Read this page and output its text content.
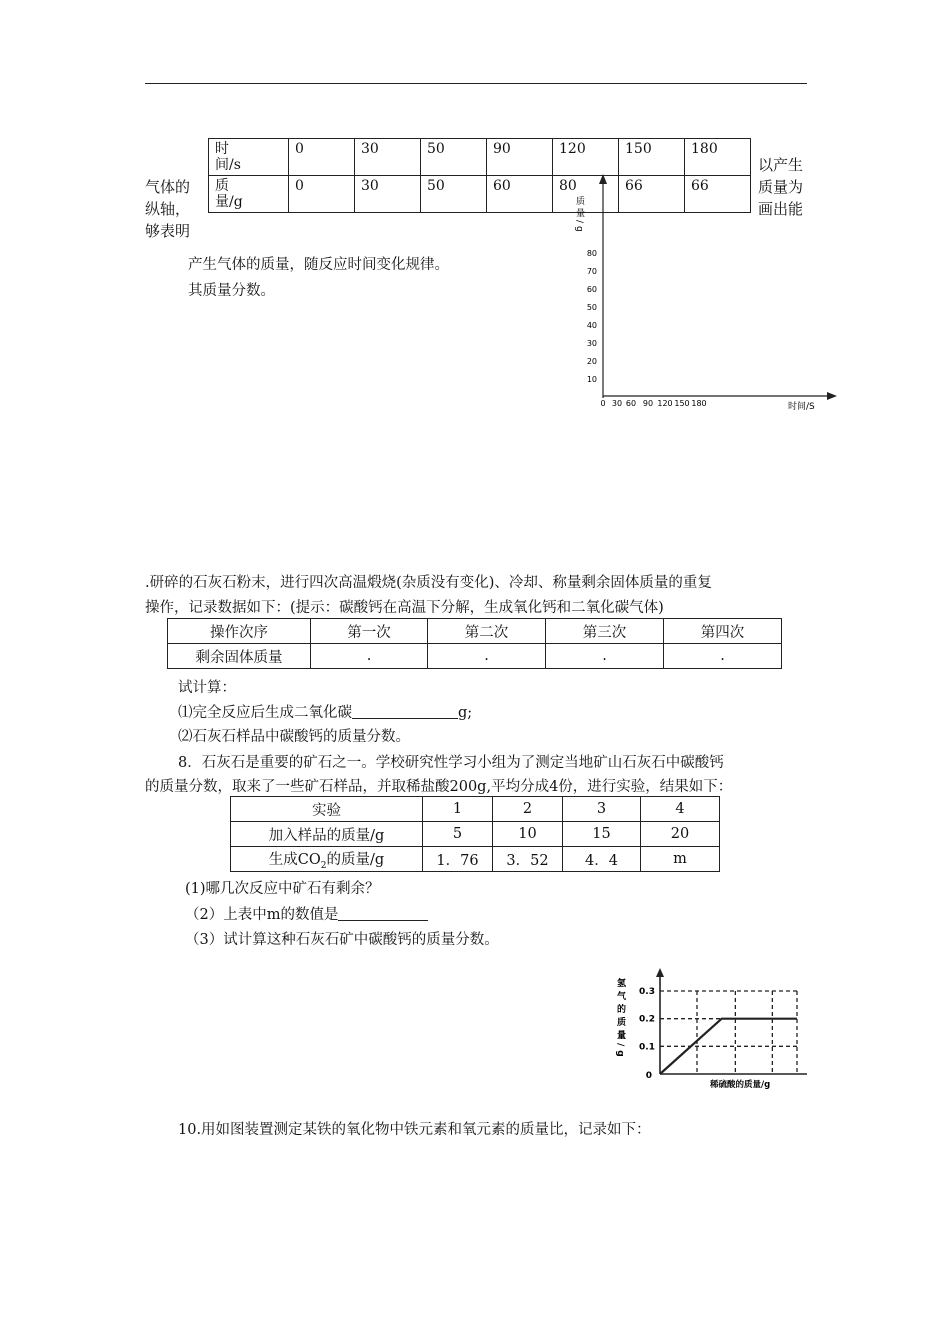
时
间/s	0	30	50	90	120	150	180
质
量/g	0	30	50	60	80	66	66
气体的
纵轴，
够表明
以产生
质量为
画出能
产生气体的质量，随反应时间变化规律。
其质量分数。
质量/g
时间/S
80
70
60
50
40
30
20
10
0 30 60 90 120 150 180
.研碎的石灰石粉末，进行四次高温煅烧(杂质没有变化)、冷却、称量剩余固体质量的重复
操作，记录数据如下：(提示：碳酸钙在高温下分解，生成氧化钙和二氧化碳气体)
操作次序	第一次	第二次	第三次	第四次
剩余固体质量	.	.	.	.
试计算：
⑴完全反应后生成二氧化碳	g;
⑵石灰石样品中碳酸钙的质量分数。
8．石灰石是重要的矿石之一。学校研究性学习小组为了测定当地矿山石灰石中碳酸钙
的质量分数，取来了一些矿石样品，并取稀盐酸200g,平均分成4份，进行实验，结果如下：
实验	1	2	3	4
加入样品的质量/g	5	10	15	20
生成$CO_2$的质量/g	1．76	3．52	4．4	m
(1)哪几次反应中矿石有剩余？
（2）上表中m的数值是
（3）试计算这种石灰石矿中碳酸钙的质量分数。
氢气的质量/g 0.3
0.2
0.1
0
稀硫酸的质量/g
10.用如图装置测定某铁的氧化物中铁元素和氧元素的质量比，记录如下：
